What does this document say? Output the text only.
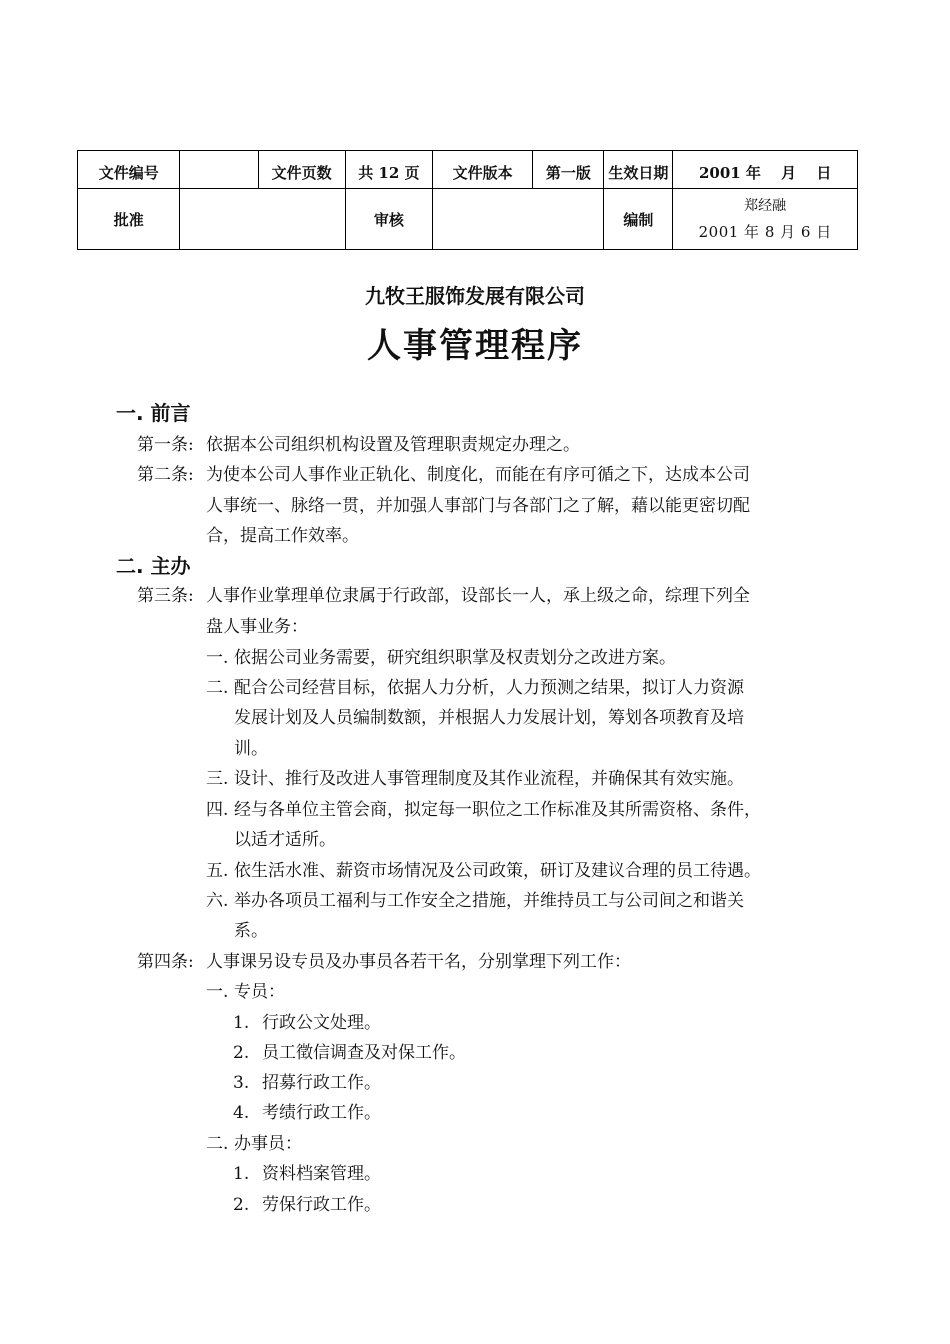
文件编号		文件页数	共 12 页	文件版本	第一版	生效日期	2001 年　 月　 日
批准			审核			编制	郑经融
2001 年 8 月 6 日
九牧王服饰发展有限公司
人事管理程序
一. 前言
第一条: 依据本公司组织机构设置及管理职责规定办理之。
第二条: 为使本公司人事作业正轨化、制度化，而能在有序可循之下，达成本公司
人事统一、脉络一贯，并加强人事部门与各部门之了解，藉以能更密切配
合，提高工作效率。
二. 主办
第三条: 人事作业掌理单位隶属于行政部，设部长一人，承上级之命，综理下列全
盘人事业务：
一. 依据公司业务需要，研究组织职掌及权责划分之改进方案。
二. 配合公司经营目标，依据人力分析，人力预测之结果，拟订人力资源
发展计划及人员编制数额，并根据人力发展计划，筹划各项教育及培
训。
三. 设计、推行及改进人事管理制度及其作业流程，并确保其有效实施。
四. 经与各单位主管会商，拟定每一职位之工作标准及其所需资格、条件，
以适才适所。
五. 依生活水准、薪资市场情况及公司政策，研订及建议合理的员工待遇。
六. 举办各项员工福利与工作安全之措施，并维持员工与公司间之和谐关
系。
第四条: 人事课另设专员及办事员各若干名，分别掌理下列工作：
一. 专员：
1. 行政公文处理。
2. 员工徵信调查及对保工作。
3. 招募行政工作。
4. 考绩行政工作。
二. 办事员：
1. 资料档案管理。
2. 劳保行政工作。
